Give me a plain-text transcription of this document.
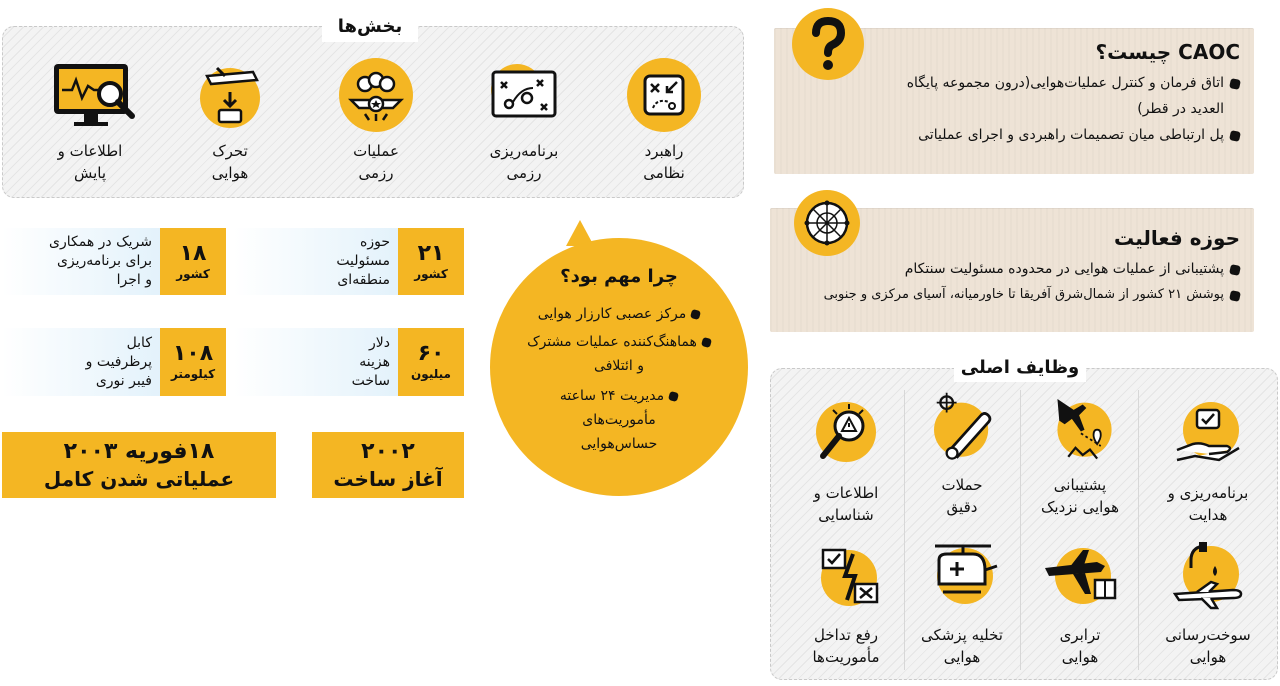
بخش‌ها
راهبرد
نظامی
برنامه‌ریزی
رزمی
عملیات
رزمی
تحرک
هوایی
اطلاعات و
پایش
۲۱
کشور
حوزه
مسئولیت
منطقه‌ای
۱۸
کشور
شریک در همکاری
برای برنامه‌ریزی
و اجرا
۶۰
میلیون
دلار
هزینه
ساخت
۱۰۸
کیلومتر
کابل
پرظرفیت و
فیبر نوری
۲۰۰۲
آغاز ساخت
۱۸فوریه ۲۰۰۳
عملیاتی شدن کامل
چرا مهم بود؟
مرکز عصبی کارزار هوایی
هماهنگ‌کننده عملیات مشترک
و ائتلافی
مدیریت ۲۴ ساعته
مأموریت‌های
حساس‌هوایی
CAOC چیست؟
اتاق فرمان و کنترل عملیات‌هوایی(درون مجموعه پایگاه
العدید در قطر)
پل ارتباطی میان تصمیمات راهبردی و اجرای عملیاتی
حوزه فعالیت
پشتیبانی از عملیات هوایی در محدوده مسئولیت سنتکام
پوشش ۲۱ کشور از شمال‌شرق آفریقا تا خاورمیانه، آسیای مرکزی و جنوبی
وظایف اصلی
برنامه‌ریزی و
هدایت
پشتیبانی
هوایی نزدیک
حملات
دقیق
اطلاعات و
شناسایی
سوخت‌رسانی
هوایی
ترابری
هوایی
تخلیه پزشکی
هوایی
رفع تداخل
مأموریت‌ها
